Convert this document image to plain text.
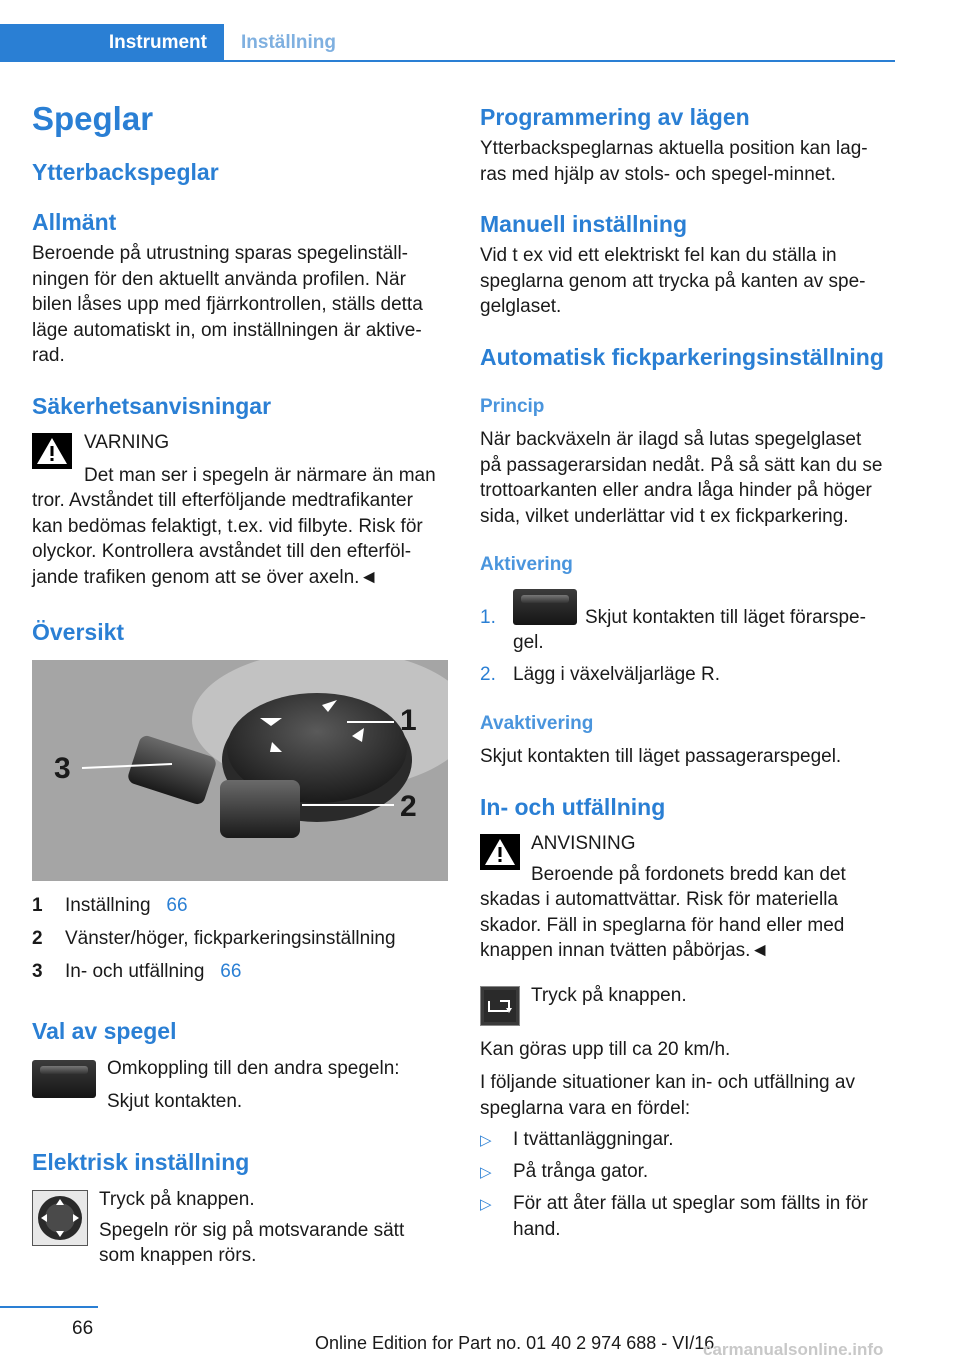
Instrument Inställning
Speglar
Ytterbackspeglar
Allmänt
Beroende på utrustning sparas spegelinställ-
ningen för den aktuellt använda profilen. När
bilen låses upp med fjärrkontrollen, ställs detta
läge automatiskt in, om inställningen är aktive-
rad.
Säkerhetsanvisningar
VARNING
Det man ser i spegeln är närmare än man
tror. Avståndet till efterföljande medtrafikanter
kan bedömas felaktigt, t.ex. vid filbyte. Risk för
olyckor. Kontrollera avståndet till den efterföl-
jande trafiken genom att se över axeln.◄
Översikt
1
2
3
1 Inställning 66
2 Vänster/höger, fickparkeringsinställning
3 In- och utfällning 66
Val av spegel
Omkoppling till den andra spegeln:
Skjut kontakten.
Elektrisk inställning
Tryck på knappen.
Spegeln rör sig på motsvarande sätt
som knappen rörs.
Programmering av lägen
Ytterbackspeglarnas aktuella position kan lag-
ras med hjälp av stols- och spegel-minnet.
Manuell inställning
Vid t ex vid ett elektriskt fel kan du ställa in
speglarna genom att trycka på kanten av spe-
gelglaset.
Automatisk fickparkeringsinställning
Princip
När backväxeln är ilagd så lutas spegelglaset
på passagerarsidan nedåt. På så sätt kan du se
trottoarkanten eller andra låga hinder på höger
sida, vilket underlättar vid t ex fickparkering.
Aktivering
1.	Skjut kontakten till läget förarspe-
gel.
2. Lägg i växelväljarläge R.
Avaktivering
Skjut kontakten till läget passagerarspegel.
In- och utfällning
ANVISNING
Beroende på fordonets bredd kan det
skadas i automattvättar. Risk för materiella
skador. Fäll in speglarna för hand eller med
knappen innan tvätten påbörjas.◄
Tryck på knappen.
Kan göras upp till ca 20 km/h.
I följande situationer kan in- och utfällning av
speglarna vara en fördel:
▷ I tvättanläggningar.
▷ På trånga gator.
▷ För att åter fälla ut speglar som fällts in för
hand.
66
Online Edition for Part no. 01 40 2 974 688 - VI/16
carmanualsonline.info
